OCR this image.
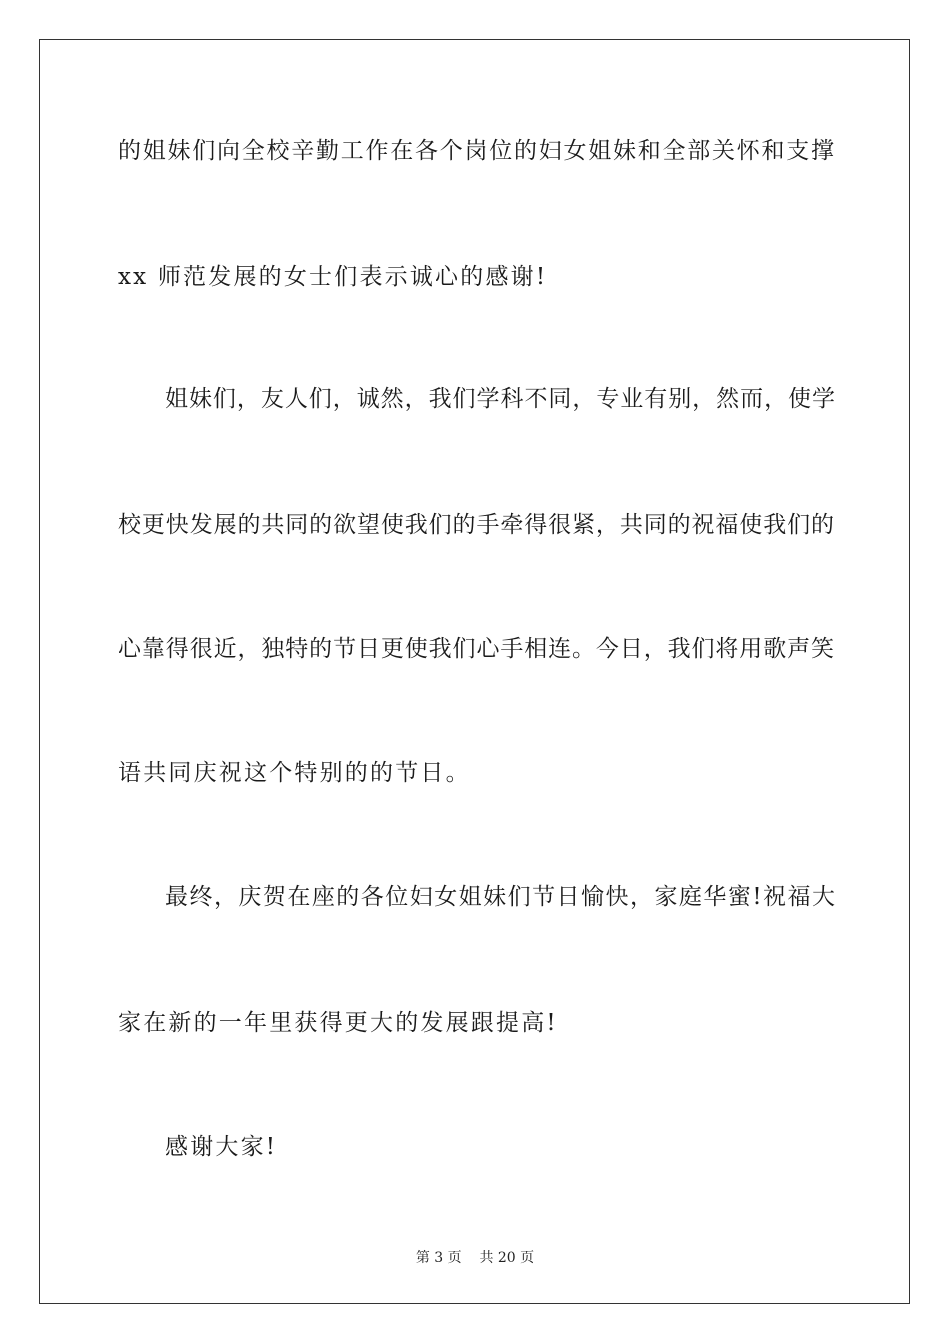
的姐妹们向全校辛勤工作在各个岗位的妇女姐妹和全部关怀和支撑
xx 师范发展的女士们表示诚心的感谢!
姐妹们，友人们，诚然，我们学科不同，专业有别，然而，使学
校更快发展的共同的欲望使我们的手牵得很紧，共同的祝福使我们的
心靠得很近，独特的节日更使我们心手相连。今日，我们将用歌声笑
语共同庆祝这个特别的的节日。
最终，庆贺在座的各位妇女姐妹们节日愉快，家庭华蜜!祝福大
家在新的一年里获得更大的发展跟提高!
感谢大家!
第 3 页 共 20 页
